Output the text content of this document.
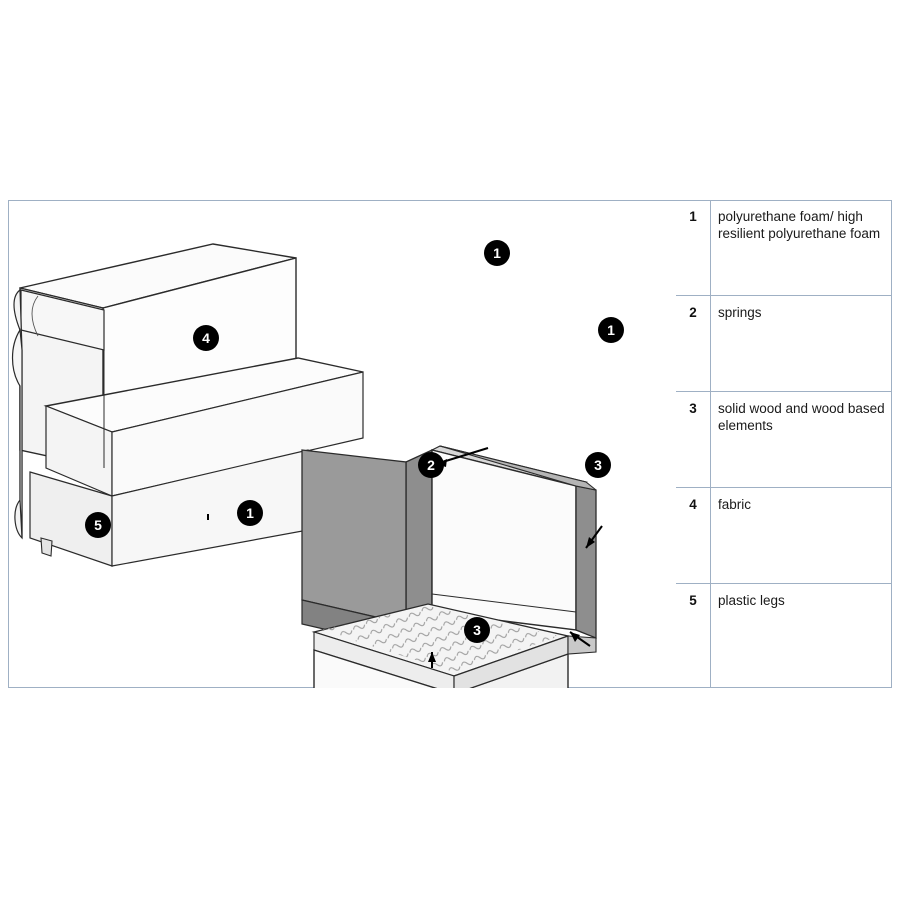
1
1
1
2	3
3
4
5
1	polyurethane foam/ high resilient polyurethane foam
2	springs
3	solid wood and wood based elements
4	fabric
5	plastic legs
